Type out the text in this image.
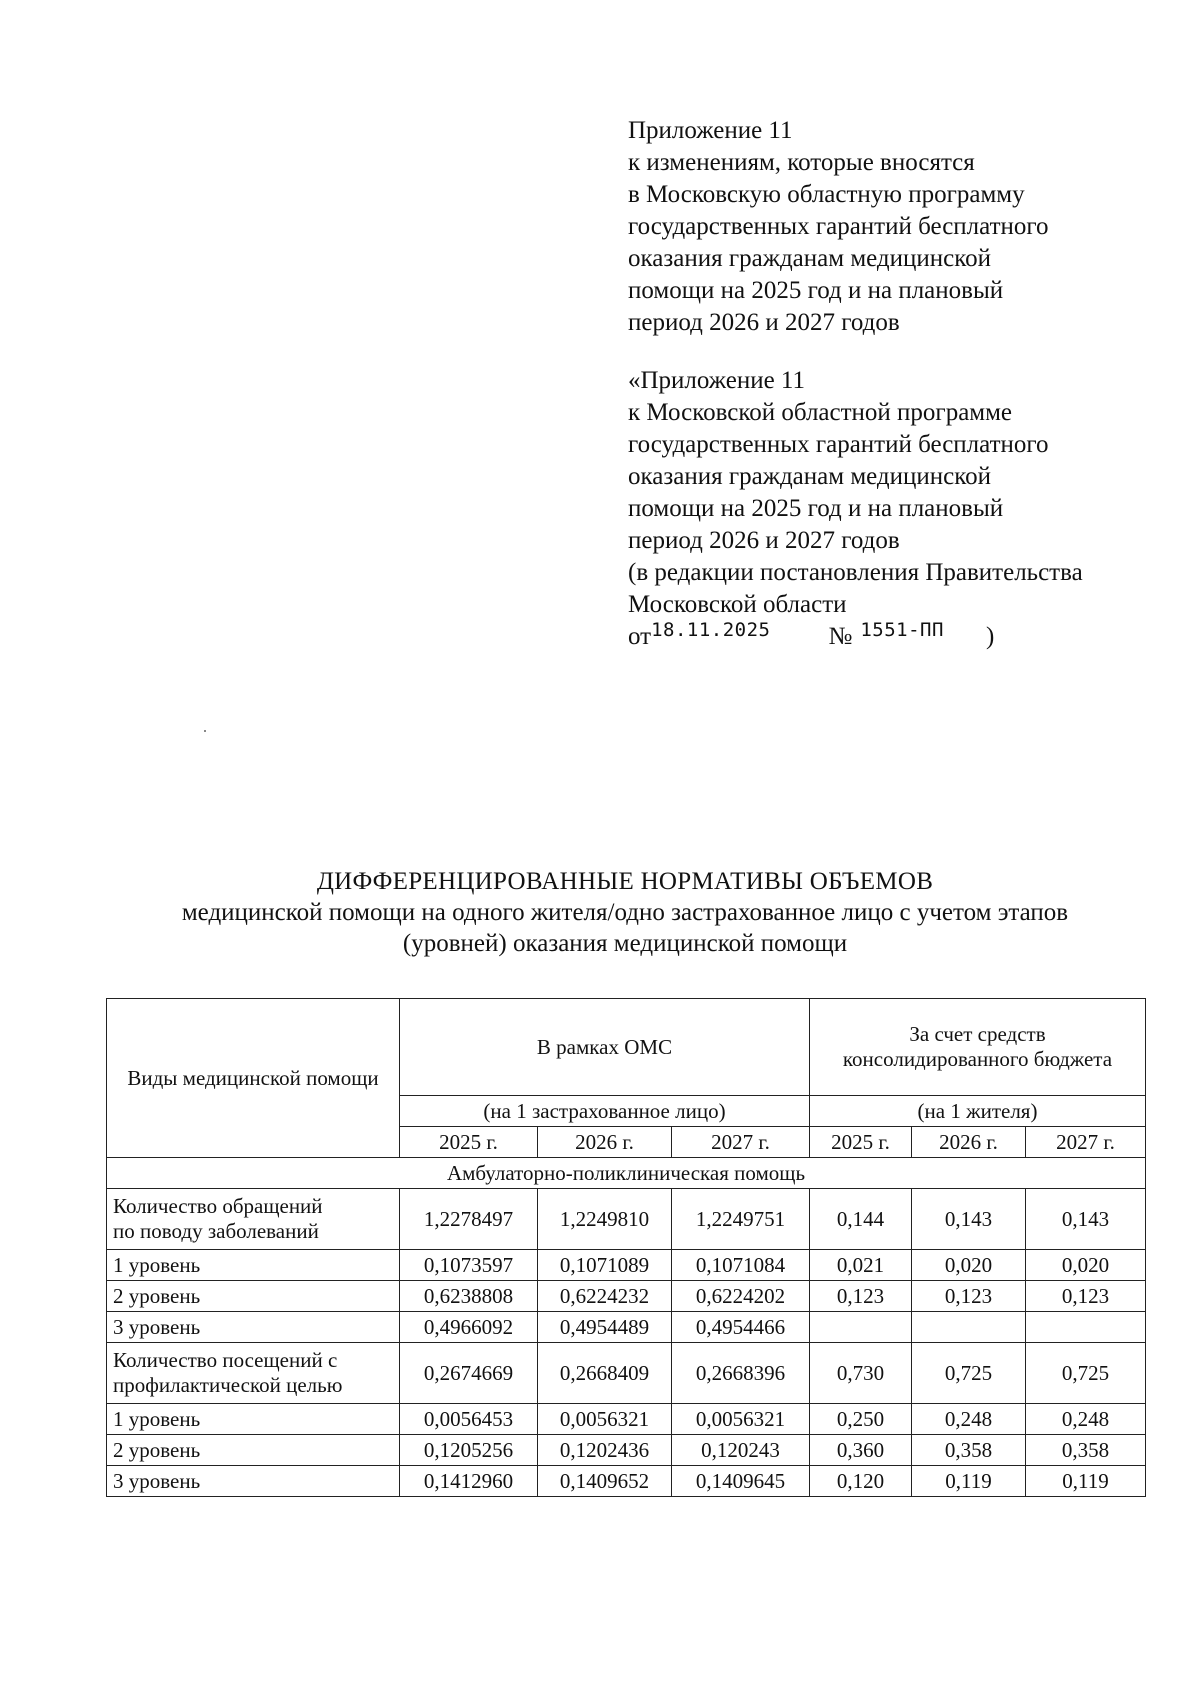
Приложение 11
к изменениям, которые вносятся
в Московскую областную программу
государственных гарантий бесплатного
оказания гражданам медицинской
помощи на 2025 год и на плановый
период 2026 и 2027 годов
«Приложение 11
к Московской областной программе
государственных гарантий бесплатного
оказания гражданам медицинской
помощи на 2025 год и на плановый
период 2026 и 2027 годов
(в редакции постановления Правительства
Московской области
$от^{18.11.2025}$ № $^{1551-ПП}$ )
ДИФФЕРЕНЦИРОВАННЫЕ НОРМАТИВЫ ОБЪЕМОВ
медицинской помощи на одного жителя/одно застрахованное лицо с учетом этапов
(уровней) оказания медицинской помощи
Виды медицинской помощи	В рамках ОМС			За счет средств консолидированного бюджета		
	(на 1 застрахованное лицо)			(на 1 жителя)		
	2025 г.	2026 г.	2027 г.	2025 г.	2026 г.	2027 г.
Амбулаторно-поликлиническая помощь						
Количество обращений
по поводу заболеваний	1,2278497	1,2249810	1,2249751	0,144	0,143	0,143
1 уровень	0,1073597	0,1071089	0,1071084	0,021	0,020	0,020
2 уровень	0,6238808	0,6224232	0,6224202	0,123	0,123	0,123
3 уровень	0,4966092	0,4954489	0,4954466			
Количество посещений с
профилактической целью	0,2674669	0,2668409	0,2668396	0,730	0,725	0,725
1 уровень	0,0056453	0,0056321	0,0056321	0,250	0,248	0,248
2 уровень	0,1205256	0,1202436	0,120243	0,360	0,358	0,358
3 уровень	0,1412960	0,1409652	0,1409645	0,120	0,119	0,119
